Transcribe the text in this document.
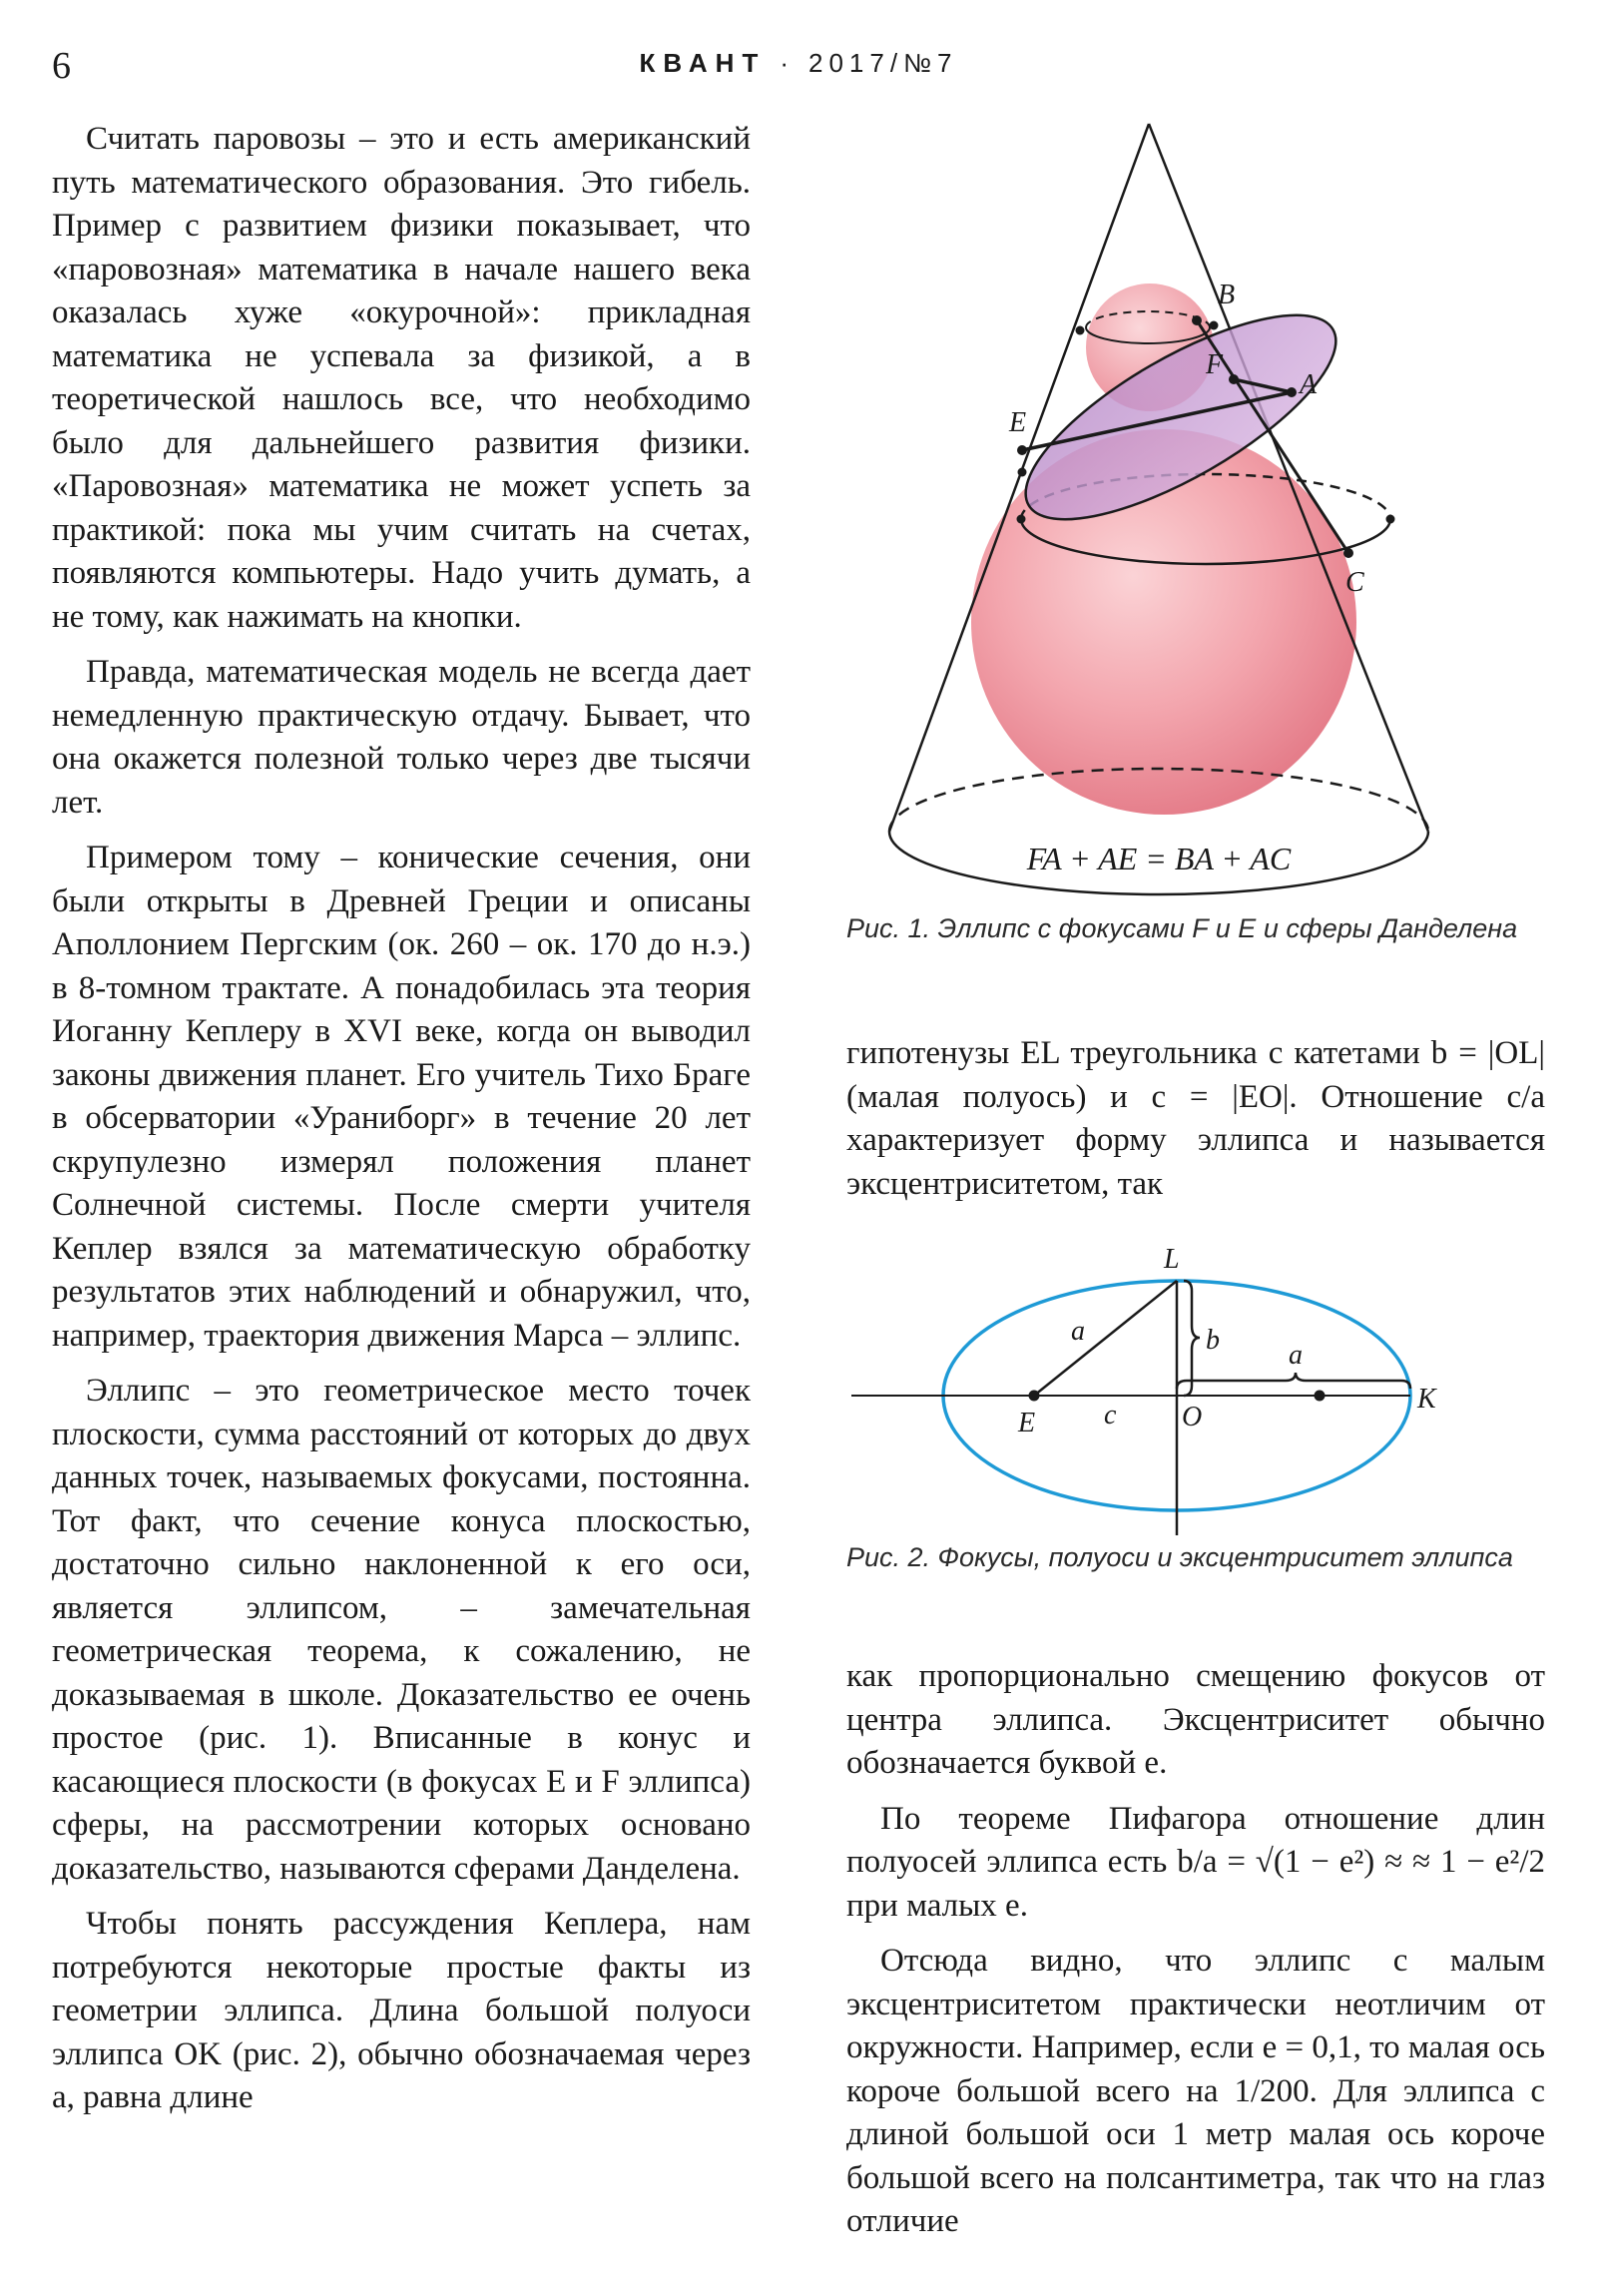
6	КВАНТ · 2017/№7

Считать паровозы – это и есть американский путь математического образования. Это гибель. Пример с развитием физики показывает, что «паровозная» математика в начале нашего века оказалась хуже «окурочной»: прикладная математика не успевала за физикой, а в теоретической нашлось все, что необходимо было для дальнейшего развития физики. «Паровозная» математика не может успеть за практикой: пока мы учим считать на счетах, появляются компьютеры. Надо учить думать, а не тому, как нажимать на кнопки.

Правда, математическая модель не всегда дает немедленную практическую отдачу. Бывает, что она окажется полезной только через две тысячи лет.

Примером тому – конические сечения, они были открыты в Древней Греции и описаны Аполлонием Пергским (ок. 260 – ок. 170 до н.э.) в 8-томном трактате. А понадобилась эта теория Иоганну Кеплеру в XVI веке, когда он выводил законы движения планет. Его учитель Тихо Браге в обсерватории «Ураниборг» в течение 20 лет скрупулезно измерял положения планет Солнечной системы. После смерти учителя Кеплер взялся за математическую обработку результатов этих наблюдений и обнаружил, что, например, траектория движения Марса – эллипс.

Эллипс – это геометрическое место точек плоскости, сумма расстояний от которых до двух данных точек, называемых фокусами, постоянна. Тот факт, что сечение конуса плоскостью, достаточно сильно наклоненной к его оси, является эллипсом, – замечательная геометрическая теорема, к сожалению, не доказываемая в школе. Доказательство ее очень простое (рис. 1). Вписанные в конус и касающиеся плоскости (в фокусах E и F эллипса) сферы, на рассмотрении которых основано доказательство, называются сферами Данделена.

Чтобы понять рассуждения Кеплера, нам потребуются некоторые простые факты из геометрии эллипса. Длина большой полуоси эллипса OK (рис. 2), обычно обозначаемая через a, равна длине

B
F
A
E
C
FA + AE = BA + AC

Рис. 1. Эллипс с фокусами F и E и сферы Данделена

гипотенузы EL треугольника с катетами b = |OL| (малая полуось) и c = |EO|. Отношение c/a характеризует форму эллипса и называется эксцентриситетом, так

L
a	b a
E c O
K

Рис. 2. Фокусы, полуоси и эксцентриситет эллипса

как пропорционально смещению фокусов от центра эллипса. Эксцентриситет обычно обозначается буквой e.

По теореме Пифагора отношение длин полуосей эллипса есть b/a = √(1 − e²) ≈ ≈ 1 − e²/2 при малых e.

Отсюда видно, что эллипс с малым эксцентриситетом практически неотличим от окружности. Например, если e = 0,1, то малая ось короче большой всего на 1/200. Для эллипса с длиной большой оси 1 метр малая ось короче большой всего на полсантиметра, так что на глаз отличие
